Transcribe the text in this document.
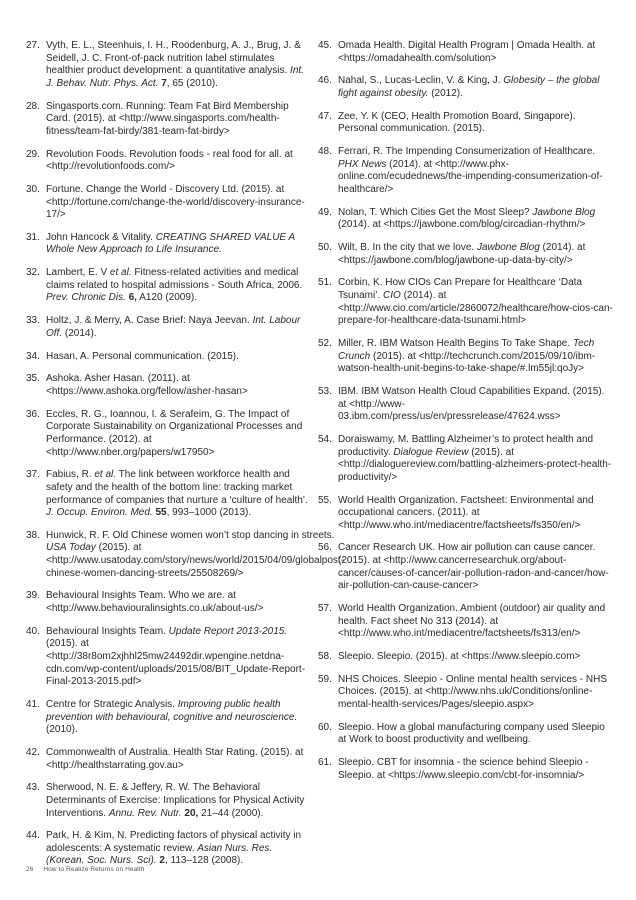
27. Vyth, E. L., Steenhuis, I. H., Roodenburg, A. J., Brug, J. & Seidell, J. C. Front-of-pack nutrition label stimulates healthier product development: a quantitative analysis. Int. J. Behav. Nutr. Phys. Act. 7, 65 (2010).

28. Singasports.com. Running: Team Fat Bird Membership Card. (2015). at <http://www.singasports.com/health-fitness/team-fat-birdy/381-team-fat-birdy>

29. Revolution Foods. Revolution foods - real food for all. at <http://revolutionfoods.com/>

30. Fortune. Change the World - Discovery Ltd. (2015). at <http://fortune.com/change-the-world/discovery-insurance-17/>

31. John Hancock & Vitality. CREATING SHARED VALUE A Whole New Approach to Life Insurance.

32. Lambert, E. V et al. Fitness-related activities and medical claims related to hospital admissions - South Africa, 2006. Prev. Chronic Dis. 6, A120 (2009).

33. Holtz, J. & Merry, A. Case Brief: Naya Jeevan. Int. Labour Off. (2014).

34. Hasan, A. Personal communication. (2015).

35. Ashoka. Asher Hasan. (2011). at <https://www.ashoka.org/fellow/asher-hasan>

36. Eccles, R. G., Ioannou, I. & Serafeim, G. The Impact of Corporate Sustainability on Organizational Processes and Performance. (2012). at <http://www.nber.org/papers/w17950>

37. Fabius, R. et al. The link between workforce health and safety and the health of the bottom line: tracking market performance of companies that nurture a ‘culture of health’. J. Occup. Environ. Med. 55, 993–1000 (2013).

38. Hunwick, R. F. Old Chinese women won’t stop dancing in streets. USA Today (2015). at <http://www.usatoday.com/story/news/world/2015/04/09/globalpost-chinese-women-dancing-streets/25508269/>

39. Behavioural Insights Team. Who we are. at <http://www.behaviouralinsights.co.uk/about-us/>

40. Behavioural Insights Team. Update Report 2013-2015. (2015). at <http://38r8om2xjhhl25mw24492dir.wpengine.netdna-cdn.com/wp-content/uploads/2015/08/BIT_Update-Report-Final-2013-2015.pdf>

41. Centre for Strategic Analysis. Improving public health prevention with behavioural, cognitive and neuroscience. (2010).

42. Commonwealth of Australia. Health Star Rating. (2015). at <http://healthstarrating.gov.au>

43. Sherwood, N. E. & Jeffery, R. W. The Behavioral Determinants of Exercise: Implications for Physical Activity Interventions. Annu. Rev. Nutr. 20, 21–44 (2000).

44. Park, H. & Kim, N. Predicting factors of physical activity in adolescents: A systematic review. Asian Nurs. Res. (Korean. Soc. Nurs. Sci). 2, 113–128 (2008).

45. Omada Health. Digital Health Program | Omada Health. at <https://omadahealth.com/solution>

46. Nahal, S., Lucas-Leclin, V. & King, J. Globesity – the global fight against obesity. (2012).

47. Zee, Y. K (CEO, Health Promotion Board, Singapore). Personal communication. (2015).

48. Ferrari, R. The Impending Consumerization of Healthcare. PHX News (2014). at <http://www.phx-online.com/ecudednews/the-impending-consumerization-of-healthcare/>

49. Nolan, T. Which Cities Get the Most Sleep? Jawbone Blog (2014). at <https://jawbone.com/blog/circadian-rhythm/>

50. Wilt, B. In the city that we love. Jawbone Blog (2014). at <https://jawbone.com/blog/jawbone-up-data-by-city/>

51. Corbin, K. How CIOs Can Prepare for Healthcare ‘Data Tsunami’. CIO (2014). at <http://www.cio.com/article/2860072/healthcare/how-cios-can-prepare-for-healthcare-data-tsunami.html>

52. Miller, R. IBM Watson Health Begins To Take Shape. Tech Crunch (2015). at <http://techcrunch.com/2015/09/10/ibm-watson-health-unit-begins-to-take-shape/#.lm55jl:qoJy>

53. IBM. IBM Watson Health Cloud Capabilities Expand. (2015). at <http://www-03.ibm.com/press/us/en/pressrelease/47624.wss>

54. Doraiswamy, M. Battling Alzheimer’s to protect health and productivity. Dialogue Review (2015). at <http://dialoguereview.com/battling-alzheimers-protect-health-productivity/>

55. World Health Organization. Factsheet: Environmental and occupational cancers. (2011). at <http://www.who.int/mediacentre/factsheets/fs350/en/>

56. Cancer Research UK. How air pollution can cause cancer. (2015). at <http://www.cancerresearchuk.org/about-cancer/causes-of-cancer/air-pollution-radon-and-cancer/how-air-pollution-can-cause-cancer>

57. World Health Organization. Ambient (outdoor) air quality and health. Fact sheet No 313 (2014). at <http://www.who.int/mediacentre/factsheets/fs313/en/>

58. Sleepio. Sleepio. (2015). at <https://www.sleepio.com>

59. NHS Choices. Sleepio - Online mental health services - NHS Choices. (2015). at <http://www.nhs.uk/Conditions/online-mental-health-services/Pages/sleepio.aspx>

60. Sleepio. How a global manufacturing company used Sleepio at Work to boost productivity and wellbeing.

61. Sleepio. CBT for insomnia - the science behind Sleepio - Sleepio. at <https://www.sleepio.com/cbt-for-insomnia/>

26 How to Realize Returns on Health
